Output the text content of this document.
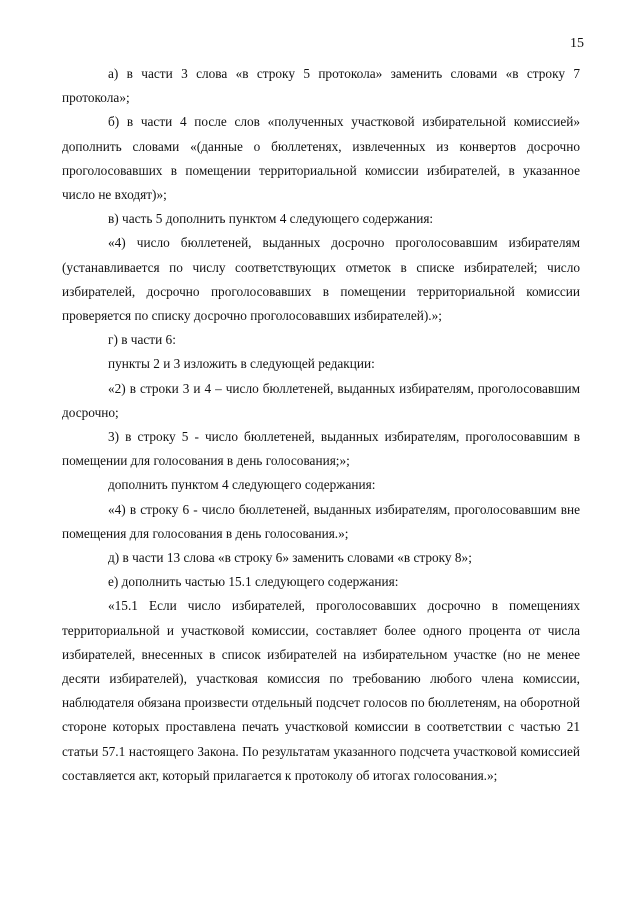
15

а) в части 3 слова «в строку 5 протокола» заменить словами «в строку 7 протокола»;

б) в части 4 после слов «полученных участковой избирательной комиссией» дополнить словами «(данные о бюллетенях, извлеченных из конвертов досрочно проголосовавших в помещении территориальной комиссии избирателей, в указанное число не входят)»;

в) часть 5 дополнить пунктом 4 следующего содержания:

«4) число бюллетеней, выданных досрочно проголосовавшим избирателям (устанавливается по числу соответствующих отметок в списке избирателей; число избирателей, досрочно проголосовавших в помещении территориальной комиссии проверяется по списку досрочно проголосовавших избирателей).»;

г) в части 6:

пункты 2 и 3 изложить в следующей редакции:

«2) в строки 3 и 4 – число бюллетеней, выданных избирателям, проголосовавшим досрочно;

3) в строку 5 - число бюллетеней, выданных избирателям, проголосовавшим в помещении для голосования в день голосования;»;

дополнить пунктом 4 следующего содержания:

«4) в строку 6 - число бюллетеней, выданных избирателям, проголосовавшим вне помещения для голосования в день голосования.»;

д) в части 13 слова «в строку 6» заменить словами «в строку 8»;

е) дополнить частью 15.1 следующего содержания:

«15.1 Если число избирателей, проголосовавших досрочно в помещениях территориальной и участковой комиссии, составляет более одного процента от числа избирателей, внесенных в список избирателей на избирательном участке (но не менее десяти избирателей), участковая комиссия по требованию любого члена комиссии, наблюдателя обязана произвести отдельный подсчет голосов по бюллетеням, на оборотной стороне которых проставлена печать участковой комиссии в соответствии с частью 21 статьи 57.1 настоящего Закона. По результатам указанного подсчета участковой комиссией составляется акт, который прилагается к протоколу об итогах голосования.»;
